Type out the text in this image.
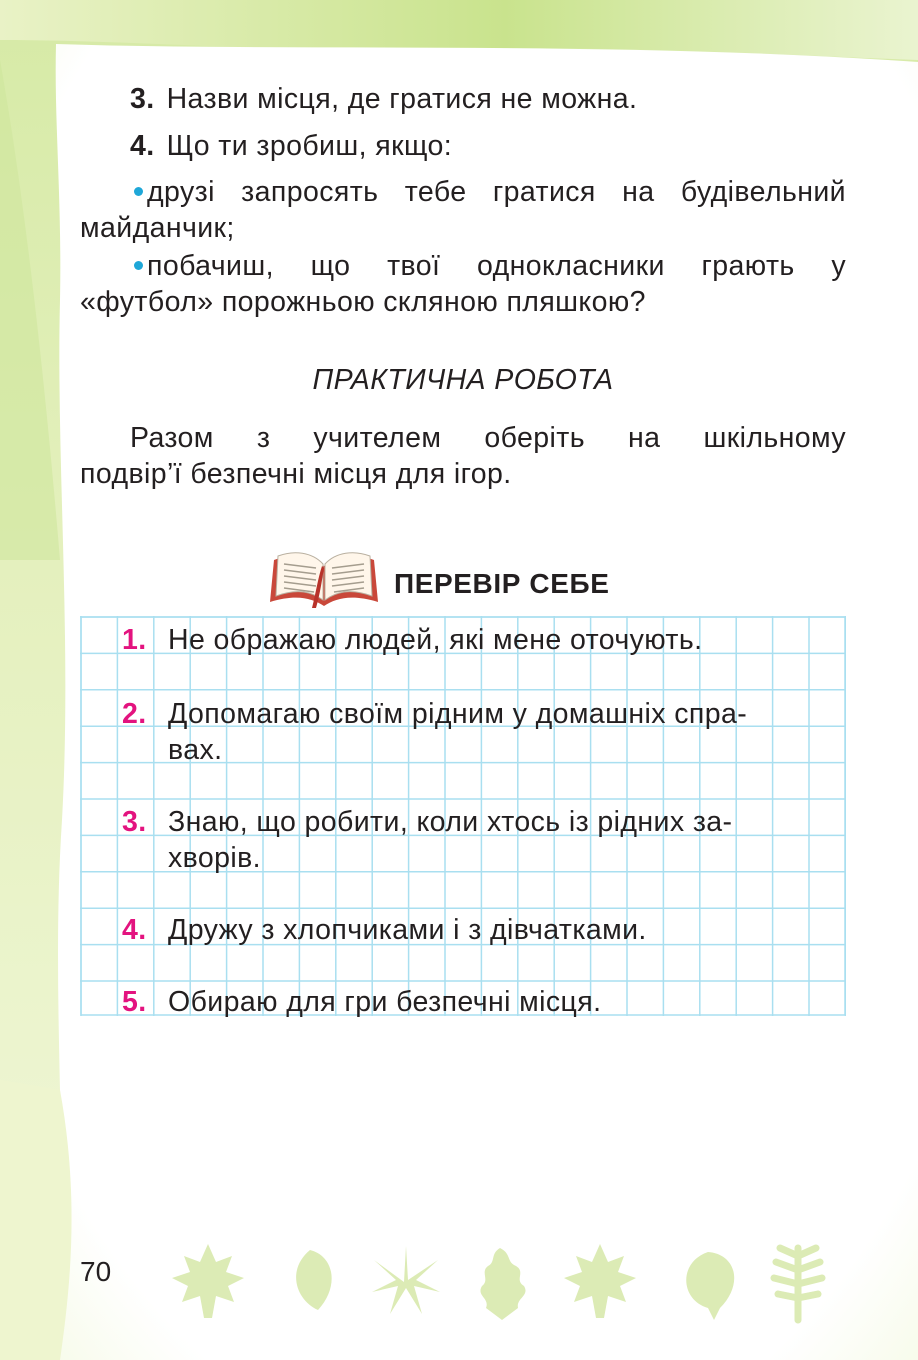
3. Назви місця, де гратися не можна.
4. Що ти зробиш, якщо:
друзі запросять тебе гратися на будівельний
майданчик;
побачиш, що твої однокласники грають у
«футбол» порожньою скляною пляшкою?
ПРАКТИЧНА РОБОТА
Разом з учителем оберіть на шкільному
подвір’ї безпечні місця для ігор.
ПЕРЕВІР СЕБЕ
1. Не ображаю людей, які мене оточують.
2. Допомагаю своїм рідним у домашніх спра-
вах.
3. Знаю, що робити, коли хтось із рідних за-
хворів.
4. Дружу з хлопчиками і з дівчатками.
5. Обираю для гри безпечні місця.
70
